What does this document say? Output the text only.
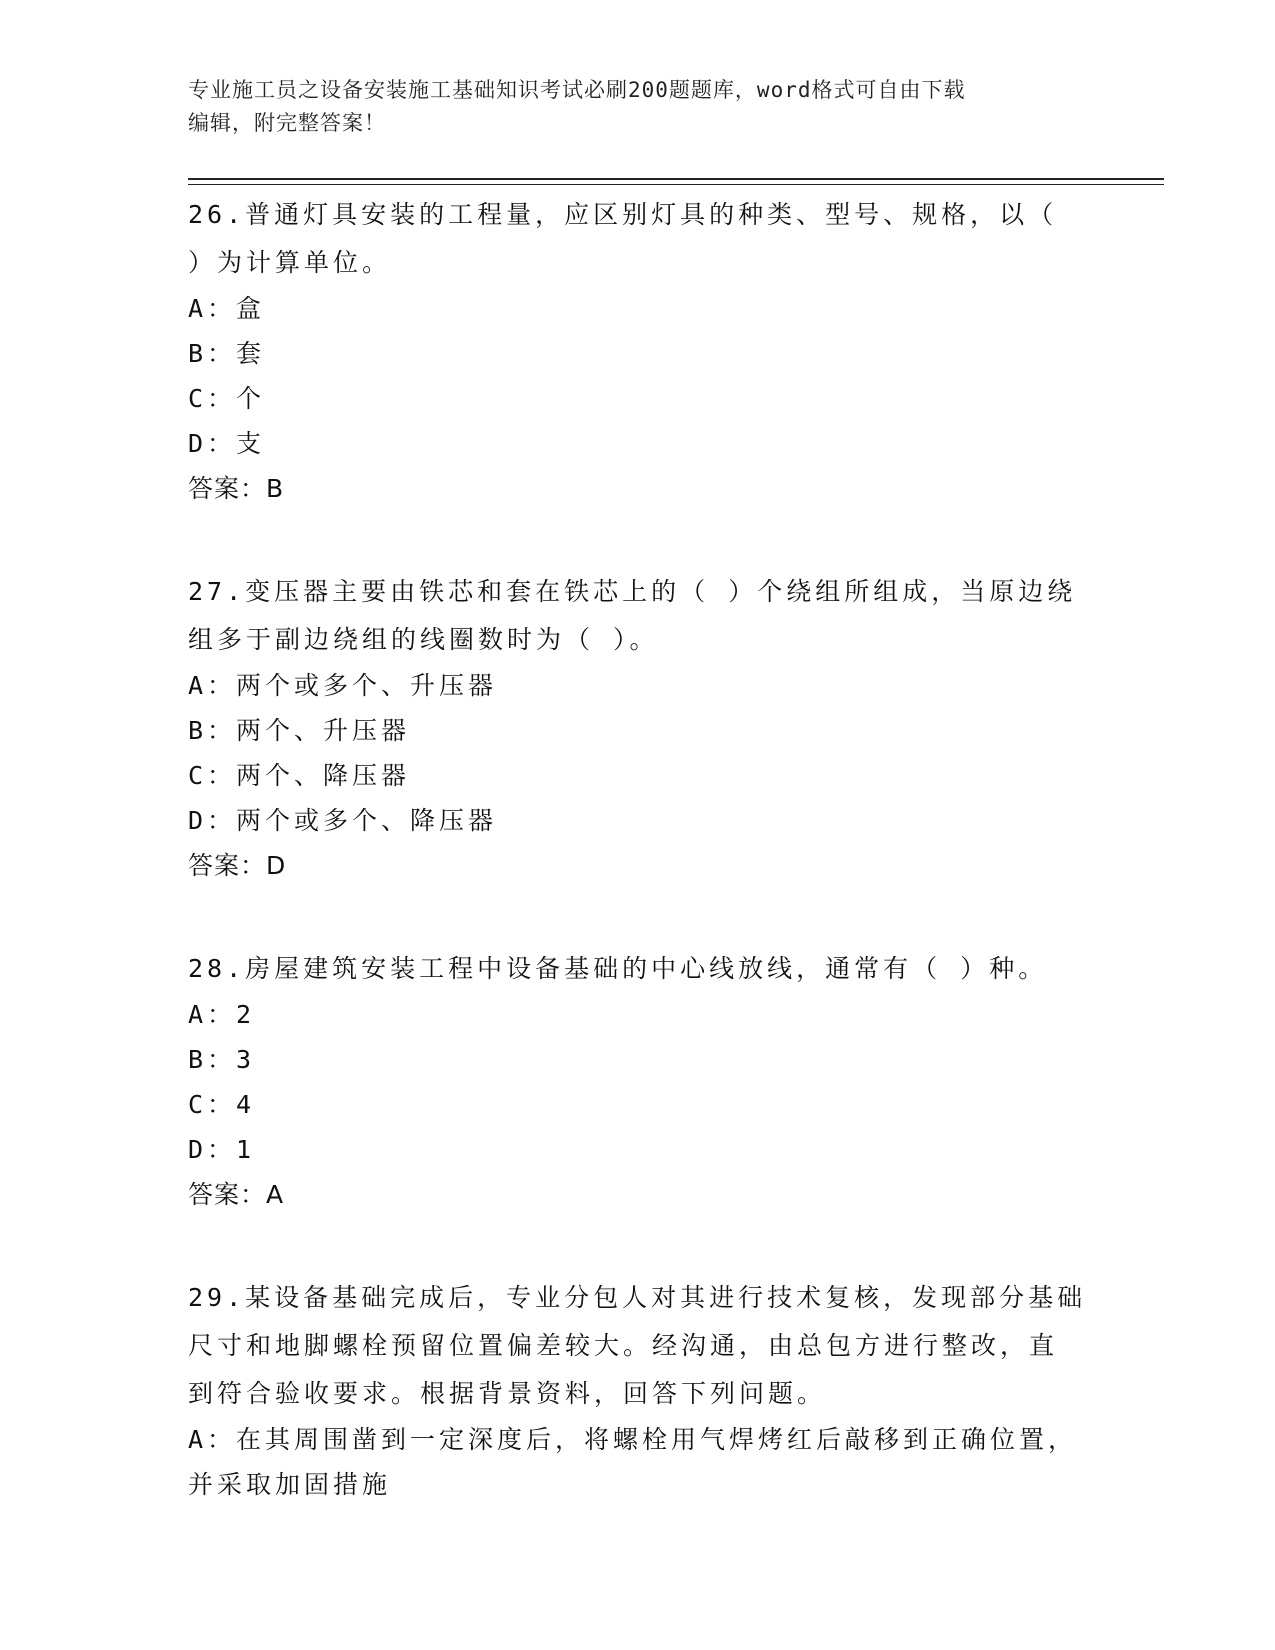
专业施工员之设备安装施工基础知识考试必刷200题题库，word格式可自由下载
编辑，附完整答案！
26.普通灯具安装的工程量，应区别灯具的种类、型号、规格，以（
）为计算单位。
A：盒
B：套
C：个
D：支
答案：B
27.变压器主要由铁芯和套在铁芯上的（ ）个绕组所组成，当原边绕
组多于副边绕组的线圈数时为（ ）。
A：两个或多个、升压器
B：两个、升压器
C：两个、降压器
D：两个或多个、降压器
答案：D
28.房屋建筑安装工程中设备基础的中心线放线，通常有（ ）种。
A：2
B：3
C：4
D：1
答案：A
29.某设备基础完成后，专业分包人对其进行技术复核，发现部分基础
尺寸和地脚螺栓预留位置偏差较大。经沟通，由总包方进行整改，直
到符合验收要求。根据背景资料，回答下列问题。
A：在其周围凿到一定深度后，将螺栓用气焊烤红后敲移到正确位置，
并采取加固措施
